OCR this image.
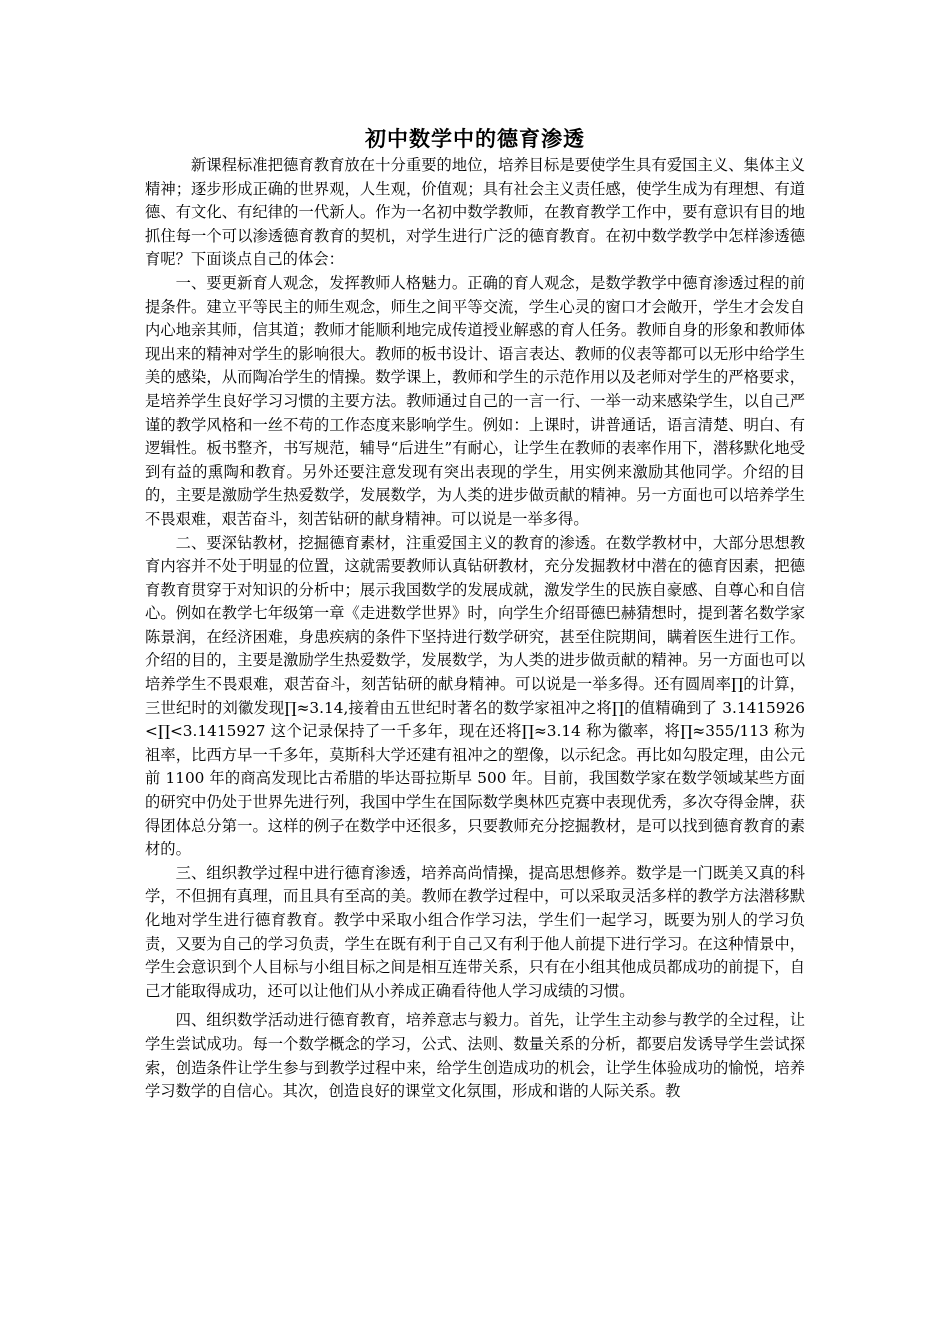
初中数学中的德育渗透

新课程标准把德育教育放在十分重要的地位，培养目标是要使学生具有爱国主义、集体主义精神；逐步形成正确的世界观，人生观，价值观；具有社会主义责任感，使学生成为有理想、有道德、有文化、有纪律的一代新人。作为一名初中数学教师，在教育教学工作中，要有意识有目的地抓住每一个可以渗透德育教育的契机，对学生进行广泛的德育教育。在初中数学教学中怎样渗透德育呢？下面谈点自己的体会：

一、要更新育人观念，发挥教师人格魅力。正确的育人观念，是数学教学中德育渗透过程的前提条件。建立平等民主的师生观念，师生之间平等交流，学生心灵的窗口才会敞开，学生才会发自内心地亲其师，信其道；教师才能顺利地完成传道授业解惑的育人任务。教师自身的形象和教师体现出来的精神对学生的影响很大。教师的板书设计、语言表达、教师的仪表等都可以无形中给学生美的感染，从而陶冶学生的情操。数学课上，教师和学生的示范作用以及老师对学生的严格要求，是培养学生良好学习习惯的主要方法。教师通过自己的一言一行、一举一动来感染学生，以自己严谨的教学风格和一丝不苟的工作态度来影响学生。例如：上课时，讲普通话，语言清楚、明白、有逻辑性。板书整齐，书写规范，辅导“后进生”有耐心，让学生在教师的表率作用下，潜移默化地受到有益的熏陶和教育。另外还要注意发现有突出表现的学生，用实例来激励其他同学。介绍的目的，主要是激励学生热爱数学，发展数学，为人类的进步做贡献的精神。另一方面也可以培养学生不畏艰难，艰苦奋斗，刻苦钻研的献身精神。可以说是一举多得。

二、要深钻教材，挖掘德育素材，注重爱国主义的教育的渗透。在数学教材中，大部分思想教育内容并不处于明显的位置，这就需要教师认真钻研教材，充分发掘教材中潜在的德育因素，把德育教育贯穿于对知识的分析中；展示我国数学的发展成就，激发学生的民族自豪感、自尊心和自信心。例如在教学七年级第一章《走进数学世界》时，向学生介绍哥德巴赫猜想时，提到著名数学家陈景润，在经济困难，身患疾病的条件下坚持进行数学研究，甚至住院期间，瞒着医生进行工作。介绍的目的，主要是激励学生热爱数学，发展数学，为人类的进步做贡献的精神。另一方面也可以培养学生不畏艰难，艰苦奋斗，刻苦钻研的献身精神。可以说是一举多得。还有圆周率∏的计算，三世纪时的刘徽发现∏≈3.14,接着由五世纪时著名的数学家祖冲之将∏的值精确到了 3.1415926<∏<3.1415927 这个记录保持了一千多年，现在还将∏≈3.14 称为徽率，将∏≈355/113 称为祖率，比西方早一千多年，莫斯科大学还建有祖冲之的塑像，以示纪念。再比如勾股定理，由公元前 1100 年的商高发现比古希腊的毕达哥拉斯早 500 年。目前，我国数学家在数学领域某些方面的研究中仍处于世界先进行列，我国中学生在国际数学奥林匹克赛中表现优秀，多次夺得金牌，获得团体总分第一。这样的例子在数学中还很多，只要教师充分挖掘教材，是可以找到德育教育的素材的。

三、组织教学过程中进行德育渗透，培养高尚情操，提高思想修养。数学是一门既美又真的科学，不但拥有真理，而且具有至高的美。教师在教学过程中，可以采取灵活多样的教学方法潜移默化地对学生进行德育教育。教学中采取小组合作学习法，学生们一起学习，既要为别人的学习负责，又要为自己的学习负责，学生在既有利于自己又有利于他人前提下进行学习。在这种情景中，学生会意识到个人目标与小组目标之间是相互连带关系，只有在小组其他成员都成功的前提下，自己才能取得成功，还可以让他们从小养成正确看待他人学习成绩的习惯。

四、组织数学活动进行德育教育，培养意志与毅力。首先，让学生主动参与教学的全过程，让学生尝试成功。每一个数学概念的学习，公式、法则、数量关系的分析，都要启发诱导学生尝试探索，创造条件让学生参与到教学过程中来，给学生创造成功的机会，让学生体验成功的愉悦，培养学习数学的自信心。其次，创造良好的课堂文化氛围，形成和谐的人际关系。教
